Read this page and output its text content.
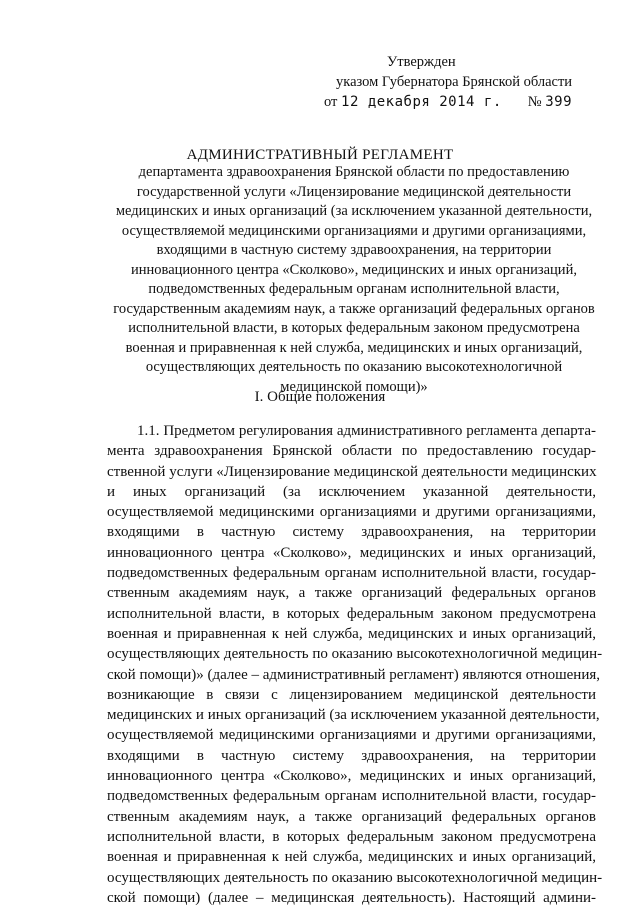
Утвержден
указом Губернатора Брянской области
от 12 декабря 2014 г. № 399
АДМИНИСТРАТИВНЫЙ РЕГЛАМЕНТ
департамента здравоохранения Брянской области по предоставлению
государственной услуги «Лицензирование медицинской деятельности
медицинских и иных организаций (за исключением указанной деятельности,
осуществляемой медицинскими организациями и другими организациями,
входящими в частную систему здравоохранения, на территории
инновационного центра «Сколково», медицинских и иных организаций,
подведомственных федеральным органам исполнительной власти,
государственным академиям наук, а также организаций федеральных органов
исполнительной власти, в которых федеральным законом предусмотрена
военная и приравненная к ней служба, медицинских и иных организаций,
осуществляющих деятельность по оказанию высокотехнологичной
медицинской помощи)»
I. Общие положения
1.1. Предметом регулирования административного регламента департа-
мента здравоохранения Брянской области по предоставлению государ-
ственной услуги «Лицензирование медицинской деятельности медицинских
и иных организаций (за исключением указанной деятельности,
осуществляемой медицинскими организациями и другими организациями,
входящими в частную систему здравоохранения, на территории
инновационного центра «Сколково», медицинских и иных организаций,
подведомственных федеральным органам исполнительной власти, государ-
ственным академиям наук, а также организаций федеральных органов
исполнительной власти, в которых федеральным законом предусмотрена
военная и приравненная к ней служба, медицинских и иных организаций,
осуществляющих деятельность по оказанию высокотехнологичной медицин-
ской помощи)» (далее – административный регламент) являются отношения,
возникающие в связи с лицензированием медицинской деятельности
медицинских и иных организаций (за исключением указанной деятельности,
осуществляемой медицинскими организациями и другими организациями,
входящими в частную систему здравоохранения, на территории
инновационного центра «Сколково», медицинских и иных организаций,
подведомственных федеральным органам исполнительной власти, государ-
ственным академиям наук, а также организаций федеральных органов
исполнительной власти, в которых федеральным законом предусмотрена
военная и приравненная к ней служба, медицинских и иных организаций,
осуществляющих деятельность по оказанию высокотехнологичной медицин-
ской помощи) (далее – медицинская деятельность). Настоящий админи-
